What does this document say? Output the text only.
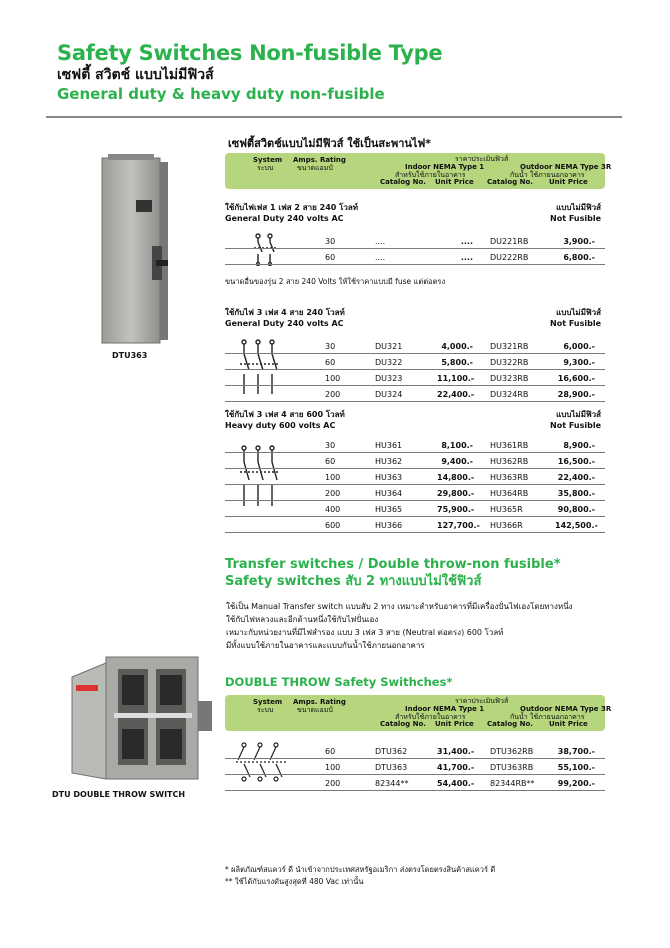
Safety Switches Non-fusible Type
เซฟตี้ สวิตช์ แบบไม่มีฟิวส์
General duty & heavy duty non-fusible
DTU363
เซฟตี้สวิตช์แบบไม่มีฟิวส์ ใช้เป็นสะพานไฟ*
System
ระบบ
Amps. Rating
ขนาดแอมป์
ราคาประเมินฟิวส์
Indoor NEMA Type 1
สำหรับใช้ภายในอาคาร
Outdoor NEMA Type 3R
กันน้ำ ใช้ภายนอกอาคาร
Catalog No. Unit Price Catalog No. Unit Price
ใช้กับไฟเฟส 1 เฟส 2 สาย 240 โวลท์
General Duty 240 volts AC
แบบไม่มีฟิวส์
Not Fusible
30	....	.... DU221RB	3,900.-
60	....	.... DU222RB	6,800.-
ขนาดอื่นของรุ่น 2 สาย 240 Volts ให้ใช้ราคาแบบมี fuse แต่ต่อตรง
ใช้กับไฟ 3 เฟส 4 สาย 240 โวลท์
General Duty 240 volts AC
แบบไม่มีฟิวส์
Not Fusible
30	DU321	4,000.- DU321RB	6,000.-
60	DU322	5,800.- DU322RB	9,300.-
100	DU323	11,100.- DU323RB	16,600.-
200	DU324	22,400.- DU324RB	28,900.-
ใช้กับไฟ 3 เฟส 4 สาย 600 โวลท์
Heavy duty 600 volts AC
แบบไม่มีฟิวส์
Not Fusible
30	HU361	8,100.- HU361RB	8,900.-
60	HU362	9,400.- HU362RB	16,500.-
100	HU363	14,800.- HU363RB	22,400.-
200	HU364	29,800.- HU364RB	35,800.-
400	HU365	75,900.- HU365R	90,800.-
600	HU366	127,700.- HU366R	142,500.-
Transfer switches / Double throw-non fusible*
Safety switches สับ 2 ทางแบบไม่ใช้ฟิวส์
ใช้เป็น Manual Transfer switch แบบสับ 2 ทาง เหมาะสำหรับอาคารที่มีเครื่องปั่นไฟเองโดยทางหนึ่ง
ใช้กับไฟหลวงและอีกด้านหนึ่งใช้กับไฟปั่นเอง
เหมาะกับหน่วยงานที่มีไฟสำรอง แบบ 3 เฟส 3 สาย (Neutral ต่อตรง) 600 โวลท์
มีทั้งแบบใช้ภายในอาคารและแบบกันน้ำใช้ภายนอกอาคาร
DTU DOUBLE THROW SWITCH
DOUBLE THROW Safety Swithches*
System
ระบบ
Amps. Rating
ขนาดแอมป์
ราคาประเมินฟิวส์
Indoor NEMA Type 1
สำหรับใช้ภายในอาคาร
Outdoor NEMA Type 3R
กันน้ำ ใช้ภายนอกอาคาร
Catalog No. Unit Price Catalog No. Unit Price
60	DTU362	31,400.- DTU362RB	38,700.-
100	DTU363	41,700.- DTU363RB	55,100.-
200	82344**	54,400.- 82344RB**	99,200.-
* ผลิตภัณฑ์สแควร์ ดี นำเข้าจากประเทศสหรัฐอเมริกา ส่งตรงโดยตรงสินค้าสแควร์ ดี
** ใช้ได้กับแรงดันสูงสุดที่ 480 Vac เท่านั้น
